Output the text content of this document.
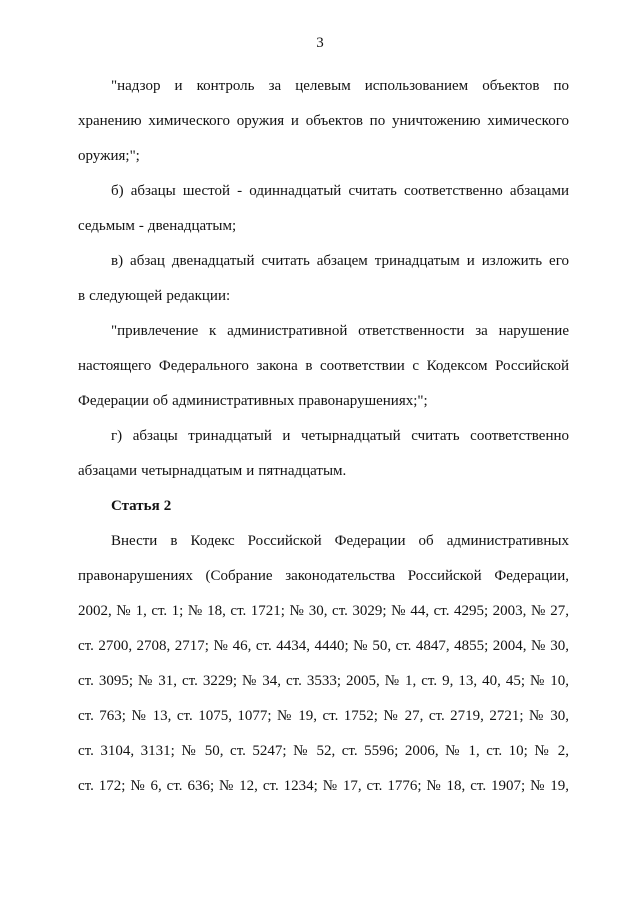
3
"надзор и контроль за целевым использованием объектов по
хранению химического оружия и объектов по уничтожению химического
оружия;";
б) абзацы шестой - одиннадцатый считать соответственно абзацами
седьмым - двенадцатым;
в) абзац двенадцатый считать абзацем тринадцатым и изложить его
в следующей редакции:
"привлечение к административной ответственности за нарушение
настоящего Федерального закона в соответствии с Кодексом Российской
Федерации об административных правонарушениях;";
г) абзацы тринадцатый и четырнадцатый считать соответственно
абзацами четырнадцатым и пятнадцатым.
Статья 2
Внести в Кодекс Российской Федерации об административных
правонарушениях (Собрание законодательства Российской Федерации,
2002, № 1, ст. 1; № 18, ст. 1721; № 30, ст. 3029; № 44, ст. 4295; 2003, № 27,
ст. 2700, 2708, 2717; № 46, ст. 4434, 4440; № 50, ст. 4847, 4855; 2004, № 30,
ст. 3095; № 31, ст. 3229; № 34, ст. 3533; 2005, № 1, ст. 9, 13, 40, 45; № 10,
ст. 763; № 13, ст. 1075, 1077; № 19, ст. 1752; № 27, ст. 2719, 2721; № 30,
ст. 3104, 3131; № 50, ст. 5247; № 52, ст. 5596; 2006, № 1, ст. 10; № 2,
ст. 172; № 6, ст. 636; № 12, ст. 1234; № 17, ст. 1776; № 18, ст. 1907; № 19,
